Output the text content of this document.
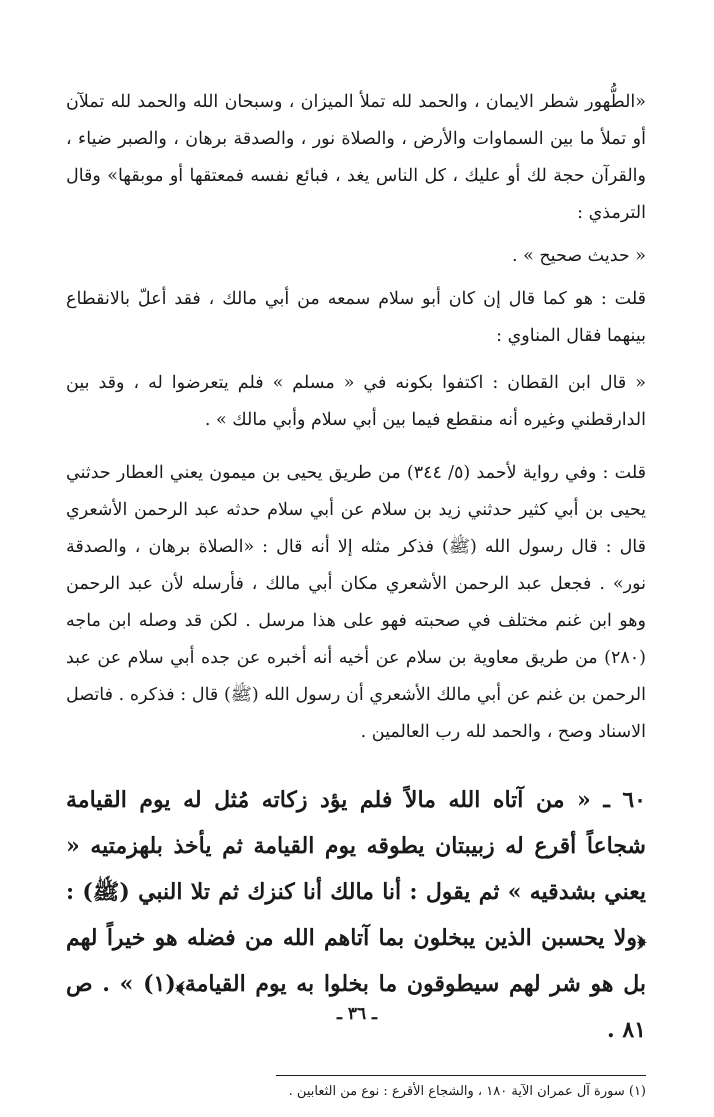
«الطُّهور شطر الايمان ، والحمد لله تملأ الميزان ، وسبحان الله والحمد لله تملآن أو تملأ ما بين السماوات والأرض ، والصلاة نور ، والصدقة برهان ، والصبر ضياء ، والقرآن حجة لك أو عليك ، كل الناس يغد ، فبائع نفسه فمعتقها أو موبقها» وقال الترمذي :

« حديث صحيح » .

قلت : هو كما قال إن كان أبو سلام سمعه من أبي مالك ، فقد أعلّ بالانقطاع بينهما فقال المناوي :

« قال ابن القطان : اكتفوا بكونه في « مسلم » فلم يتعرضوا له ، وقد بين الدارقطني وغيره أنه منقطع فيما بين أبي سلام وأبي مالك » .

قلت : وفي رواية لأحمد (٥/ ٣٤٤) من طريق يحيى بن ميمون يعني العطار حدثني يحيى بن أبي كثير حدثني زيد بن سلام عن أبي سلام حدثه عبد الرحمن الأشعري قال : قال رسول الله (ﷺ) فذكر مثله إلا أنه قال : «الصلاة برهان ، والصدقة نور» . فجعل عبد الرحمن الأشعري مكان أبي مالك ، فأرسله لأن عبد الرحمن وهو ابن غنم مختلف في صحبته فهو على هذا مرسل . لكن قد وصله ابن ماجه (٢٨٠) من طريق معاوية بن سلام عن أخيه أنه أخبره عن جده أبي سلام عن عبد الرحمن بن غنم عن أبي مالك الأشعري أن رسول الله (ﷺ) قال : فذكره . فاتصل الاسناد وصح ، والحمد لله رب العالمين .

٦٠ ـ « من آتاه الله مالاً فلم يؤد زكاته مُثل له يوم القيامة شجاعاً أقرع له زبيبتان يطوقه يوم القيامة ثم يأخذ بلهزمتيه « يعني بشدقيه » ثم يقول : أنا مالك أنا كنزك ثم تلا النبي (ﷺ) : ﴿ولا يحسبن الذين يبخلون بما آتاهم الله من فضله هو خيراً لهم بل هو شر لهم سيطوقون ما بخلوا به يوم القيامة﴾(١) » . ص ٨١ .

(١) سورة آل عمران الآية ١٨٠ ، والشجاع الأقرع : نوع من الثعابين .

ـ ٣٦ ـ
